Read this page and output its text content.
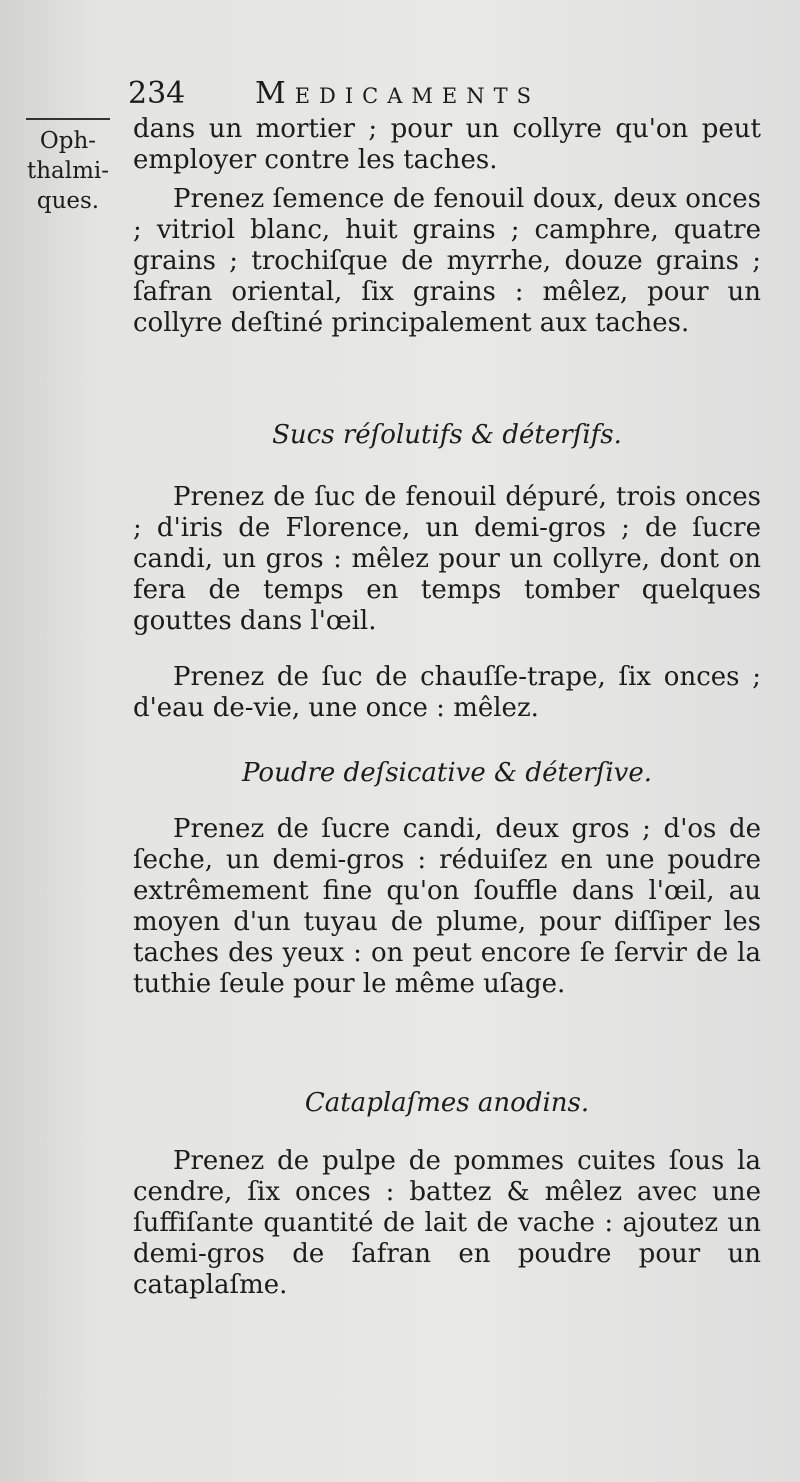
234 Medicaments
Oph-
thalmi-
ques.

dans un mortier ; pour un collyre qu'on peut employer contre les taches.

Prenez ſemence de fenouil doux, deux onces ; vitriol blanc, huit grains ; camphre, quatre grains ; trochiſque de myrrhe, douze grains ; ſafran oriental, ſix grains : mêlez, pour un collyre deſtiné principalement aux taches.

Sucs réſolutifs & déterſifs.

Prenez de ſuc de fenouil dépuré, trois onces ; d'iris de Florence, un demi-gros ; de ſucre candi, un gros : mêlez pour un collyre, dont on fera de temps en temps tomber quelques gouttes dans l'œil.

Prenez de ſuc de chauſſe-trape, ſix onces ; d'eau de-vie, une once : mêlez.

Poudre deſsicative & déterſive.

Prenez de ſucre candi, deux gros ; d'os de ſeche, un demi-gros : réduiſez en une poudre extrêmement fine qu'on ſouffle dans l'œil, au moyen d'un tuyau de plume, pour diſſiper les taches des yeux : on peut encore ſe ſervir de la tuthie ſeule pour le même uſage.

Cataplaſmes anodins.

Prenez de pulpe de pommes cuites ſous la cendre, ſix onces : battez & mêlez avec une ſuffiſante quantité de lait de vache : ajoutez un demi-gros de ſafran en poudre pour un cataplaſme.
